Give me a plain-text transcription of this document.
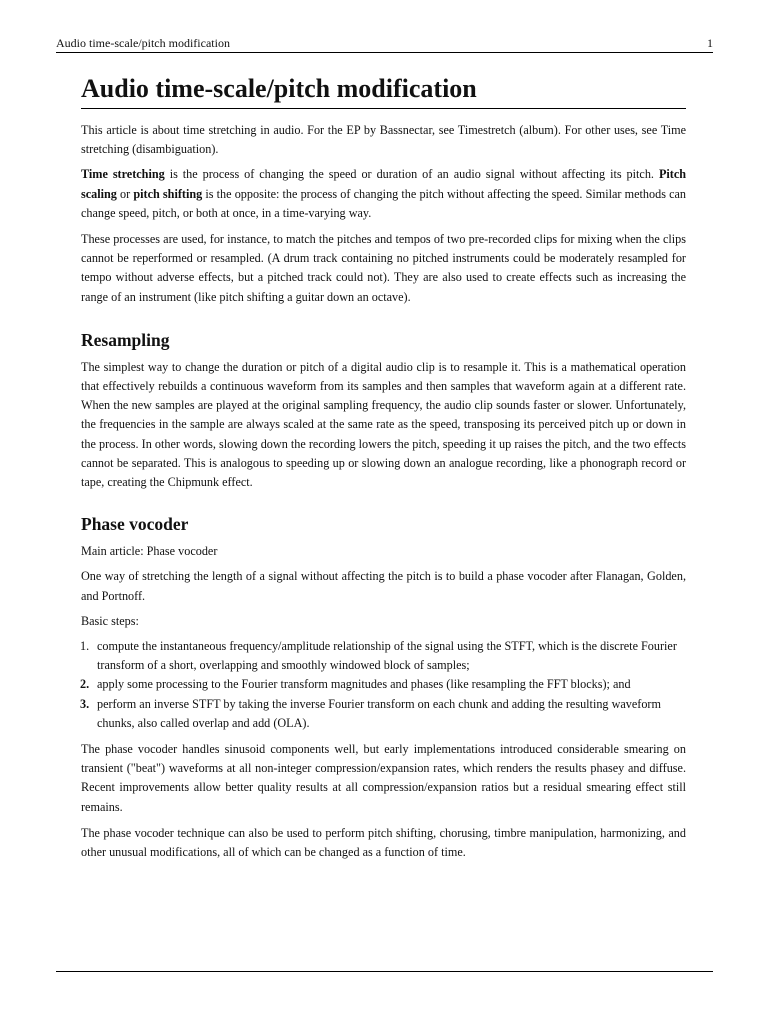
Audio time-scale/pitch modification	1
Audio time-scale/pitch modification

This article is about time stretching in audio. For the EP by Bassnectar, see Timestretch (album). For other uses, see Time stretching (disambiguation).

Time stretching is the process of changing the speed or duration of an audio signal without affecting its pitch. Pitch scaling or pitch shifting is the opposite: the process of changing the pitch without affecting the speed. Similar methods can change speed, pitch, or both at once, in a time-varying way.

These processes are used, for instance, to match the pitches and tempos of two pre-recorded clips for mixing when the clips cannot be reperformed or resampled. (A drum track containing no pitched instruments could be moderately resampled for tempo without adverse effects, but a pitched track could not). They are also used to create effects such as increasing the range of an instrument (like pitch shifting a guitar down an octave).

Resampling

The simplest way to change the duration or pitch of a digital audio clip is to resample it. This is a mathematical operation that effectively rebuilds a continuous waveform from its samples and then samples that waveform again at a different rate. When the new samples are played at the original sampling frequency, the audio clip sounds faster or slower. Unfortunately, the frequencies in the sample are always scaled at the same rate as the speed, transposing its perceived pitch up or down in the process. In other words, slowing down the recording lowers the pitch, speeding it up raises the pitch, and the two effects cannot be separated. This is analogous to speeding up or slowing down an analogue recording, like a phonograph record or tape, creating the Chipmunk effect.

Phase vocoder

Main article: Phase vocoder

One way of stretching the length of a signal without affecting the pitch is to build a phase vocoder after Flanagan, Golden, and Portnoff.

Basic steps:

1. compute the instantaneous frequency/amplitude relationship of the signal using the STFT, which is the discrete Fourier transform of a short, overlapping and smoothly windowed block of samples;
2. apply some processing to the Fourier transform magnitudes and phases (like resampling the FFT blocks); and
3. perform an inverse STFT by taking the inverse Fourier transform on each chunk and adding the resulting waveform chunks, also called overlap and add (OLA).

The phase vocoder handles sinusoid components well, but early implementations introduced considerable smearing on transient ("beat") waveforms at all non-integer compression/expansion rates, which renders the results phasey and diffuse. Recent improvements allow better quality results at all compression/expansion ratios but a residual smearing effect still remains.

The phase vocoder technique can also be used to perform pitch shifting, chorusing, timbre manipulation, harmonizing, and other unusual modifications, all of which can be changed as a function of time.
